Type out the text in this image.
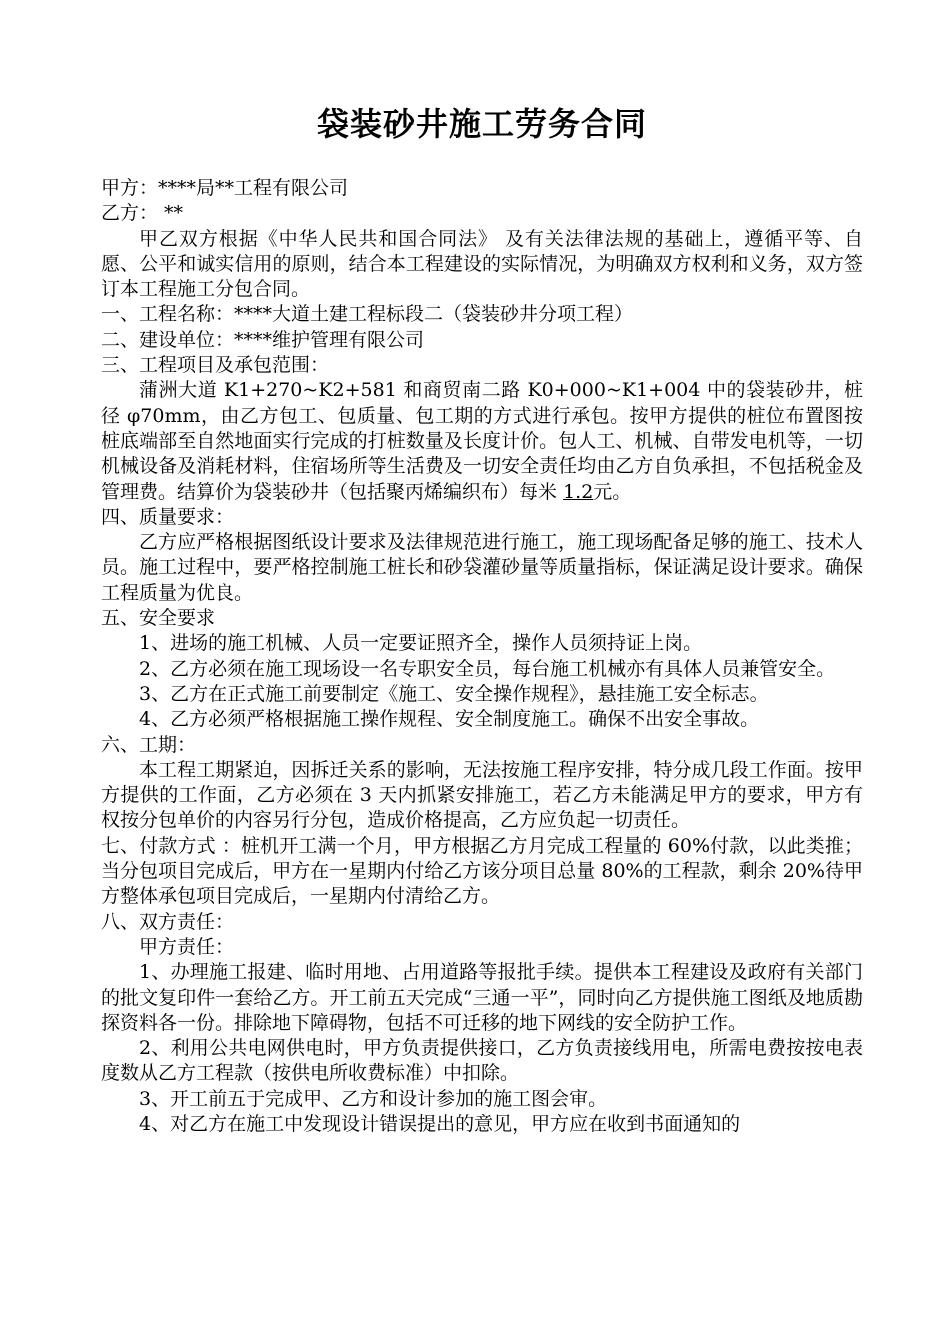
袋装砂井施工劳务合同

甲方：****局**工程有限公司

乙方： **

甲乙双方根据《中华人民共和国合同法》 及有关法律法规的基础上，遵循平等、自愿、公平和诚实信用的原则，结合本工程建设的实际情况，为明确双方权利和义务，双方签订本工程施工分包合同。

一、工程名称：****大道土建工程标段二（袋装砂井分项工程）

二、建设单位：****维护管理有限公司

三、工程项目及承包范围：

蒲洲大道 K1+270~K2+581 和商贸南二路 K0+000~K1+004 中的袋装砂井，桩径 φ70mm，由乙方包工、包质量、包工期的方式进行承包。按甲方提供的桩位布置图按桩底端部至自然地面实行完成的打桩数量及长度计价。包人工、机械、自带发电机等，一切机械设备及消耗材料，住宿场所等生活费及一切安全责任均由乙方自负承担，不包括税金及管理费。结算价为袋装砂井（包括聚丙烯编织布）每米 1.2元。

四、质量要求：

乙方应严格根据图纸设计要求及法律规范进行施工，施工现场配备足够的施工、技术人员。施工过程中，要严格控制施工桩长和砂袋灌砂量等质量指标，保证满足设计要求。确保工程质量为优良。

五、安全要求

1、进场的施工机械、人员一定要证照齐全，操作人员须持证上岗。

2、乙方必须在施工现场设一名专职安全员，每台施工机械亦有具体人员兼管安全。

3、乙方在正式施工前要制定《施工、安全操作规程》，悬挂施工安全标志。

4、乙方必须严格根据施工操作规程、安全制度施工。确保不出安全事故。

六、工期：

本工程工期紧迫，因拆迁关系的影响，无法按施工程序安排，特分成几段工作面。按甲方提供的工作面，乙方必须在 3 天内抓紧安排施工，若乙方未能满足甲方的要求，甲方有权按分包单价的内容另行分包，造成价格提高，乙方应负起一切责任。

七、付款方式 ：桩机开工满一个月，甲方根据乙方月完成工程量的 60%付款，以此类推；当分包项目完成后，甲方在一星期内付给乙方该分项目总量 80%的工程款，剩余 20%待甲方整体承包项目完成后，一星期内付清给乙方。

八、双方责任：

甲方责任：

1、办理施工报建、临时用地、占用道路等报批手续。提供本工程建设及政府有关部门的批文复印件一套给乙方。开工前五天完成“三通一平”，同时向乙方提供施工图纸及地质勘探资料各一份。排除地下障碍物，包括不可迁移的地下网线的安全防护工作。

2、利用公共电网供电时，甲方负责提供接口，乙方负责接线用电，所需电费按按电表度数从乙方工程款（按供电所收费标准）中扣除。

3、开工前五于完成甲、乙方和设计参加的施工图会审。

4、对乙方在施工中发现设计错误提出的意见，甲方应在收到书面通知的
